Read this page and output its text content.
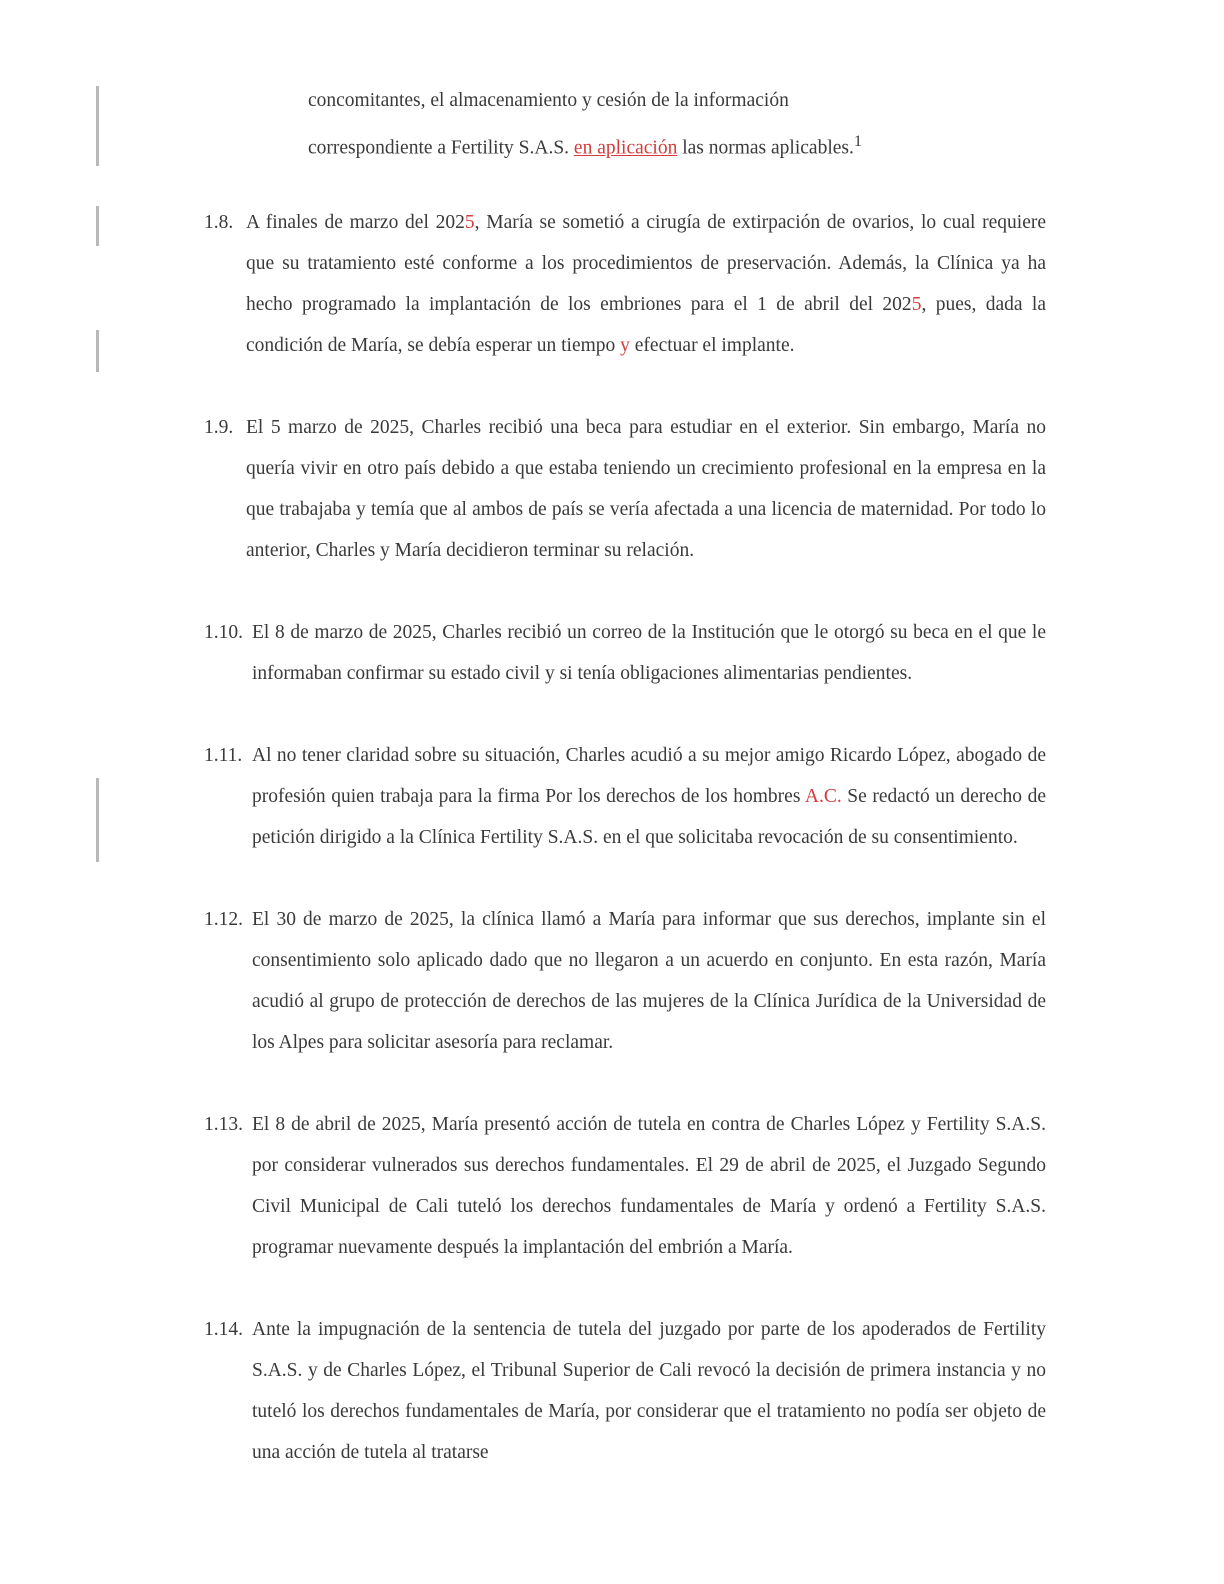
concomitantes, el almacenamiento y cesión de la información
correspondiente a Fertility S.A.S. en aplicación las normas aplicables.$^1$
1.8. A finales de marzo del 2025, María se sometió a cirugía de extirpación de ovarios, lo cual requiere que su tratamiento esté conforme a los procedimientos de preservación. Además, la Clínica ya ha hecho programado la implantación de los embriones para el 1 de abril del 2025, pues, dada la condición de María, se debía esperar un tiempo y efectuar el implante.
1.9. El 5 marzo de 2025, Charles recibió una beca para estudiar en el exterior. Sin embargo, María no quería vivir en otro país debido a que estaba teniendo un crecimiento profesional en la empresa en la que trabajaba y temía que al ambos de país se vería afectada a una licencia de maternidad. Por todo lo anterior, Charles y María decidieron terminar su relación.
1.10. El 8 de marzo de 2025, Charles recibió un correo de la Institución que le otorgó su beca en el que le informaban confirmar su estado civil y si tenía obligaciones alimentarias pendientes.
1.11. Al no tener claridad sobre su situación, Charles acudió a su mejor amigo Ricardo López, abogado de profesión quien trabaja para la firma Por los derechos de los hombres A.C. Se redactó un derecho de petición dirigido a la Clínica Fertility S.A.S. en el que solicitaba revocación de su consentimiento.
1.12. El 30 de marzo de 2025, la clínica llamó a María para informar que sus derechos, implante sin el consentimiento solo aplicado dado que no llegaron a un acuerdo en conjunto. En esta razón, María acudió al grupo de protección de derechos de las mujeres de la Clínica Jurídica de la Universidad de los Alpes para solicitar asesoría para reclamar.
1.13. El 8 de abril de 2025, María presentó acción de tutela en contra de Charles López y Fertility S.A.S. por considerar vulnerados sus derechos fundamentales. El 29 de abril de 2025, el Juzgado Segundo Civil Municipal de Cali tuteló los derechos fundamentales de María y ordenó a Fertility S.A.S. programar nuevamente después la implantación del embrión a María.
1.14. Ante la impugnación de la sentencia de tutela del juzgado por parte de los apoderados de Fertility S.A.S. y de Charles López, el Tribunal Superior de Cali revocó la decisión de primera instancia y no tuteló los derechos fundamentales de María, por considerar que el tratamiento no podía ser objeto de una acción de tutela al tratarse
